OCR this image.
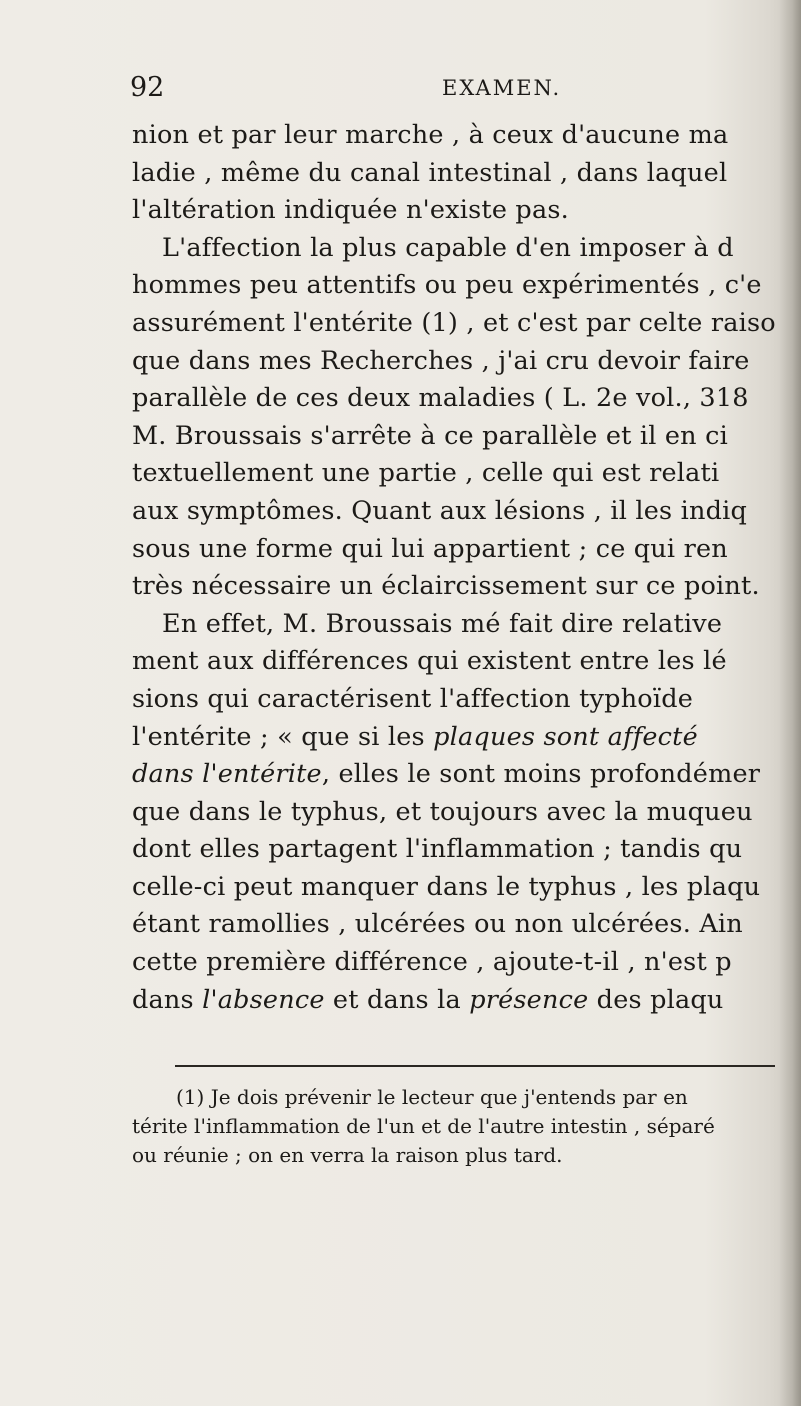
92	EXAMEN.
nion et par leur marche , à ceux d'aucune ma
ladie , même du canal intestinal , dans laquel
l'altération indiquée n'existe pas.
L'affection la plus capable d'en imposer à d
hommes peu attentifs ou peu expérimentés , c'e
assurément l'entérite (1) , et c'est par celte raiso
que dans mes Recherches , j'ai cru devoir faire
parallèle de ces deux maladies ( L. 2e vol., 318
M. Broussais s'arrête à ce parallèle et il en ci
textuellement une partie , celle qui est relati
aux symptômes. Quant aux lésions , il les indiq
sous une forme qui lui appartient ; ce qui ren
très nécessaire un éclaircissement sur ce point.
En effet, M. Broussais mé fait dire relative
ment aux différences qui existent entre les lé
sions qui caractérisent l'affection typhoïde
l'entérite ; « que si les plaques sont affecté
dans l'entérite, elles le sont moins profondémer
que dans le typhus, et toujours avec la muqueu
dont elles partagent l'inflammation ; tandis qu
celle-ci peut manquer dans le typhus , les plaqu
étant ramollies , ulcérées ou non ulcérées. Ain
cette première différence , ajoute-t-il , n'est p
dans l'absence et dans la présence des plaqu
(1) Je dois prévenir le lecteur que j'entends par en
térite l'inflammation de l'un et de l'autre intestin , séparé
ou réunie ; on en verra la raison plus tard.
